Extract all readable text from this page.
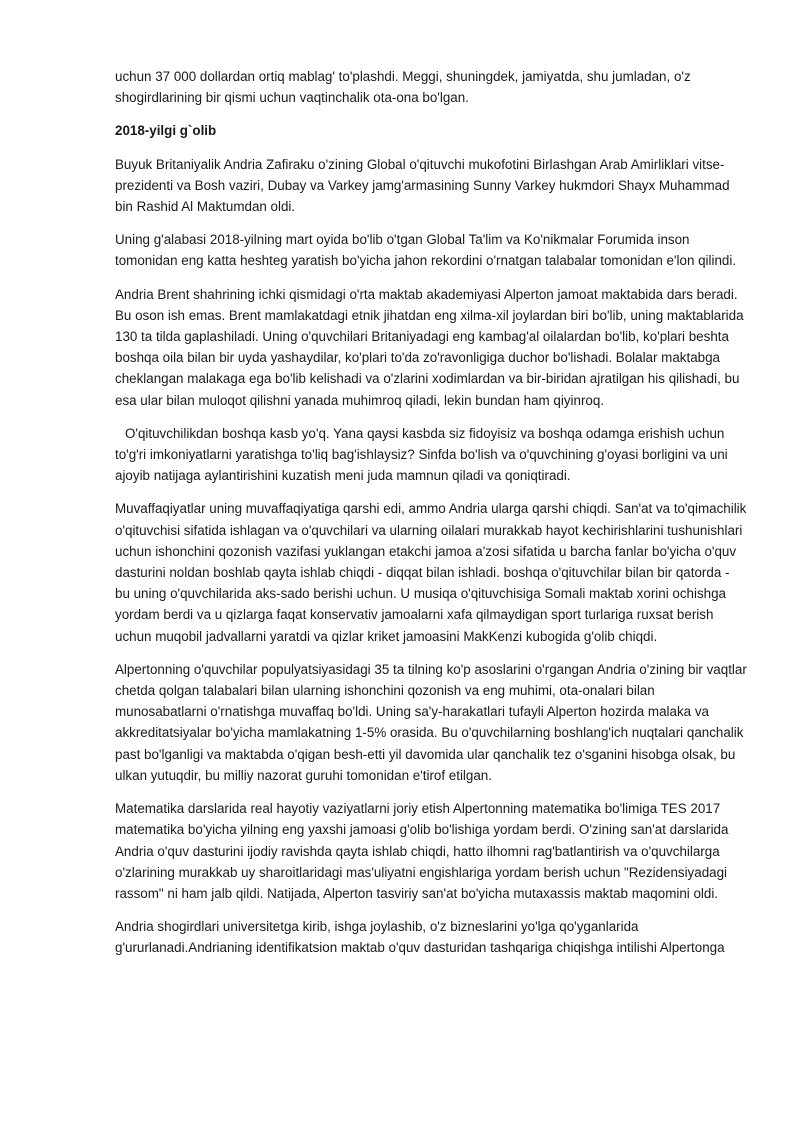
uchun 37 000 dollardan ortiq mablag' to'plashdi. Meggi, shuningdek, jamiyatda, shu jumladan, o'z shogirdlarining bir qismi uchun vaqtinchalik ota-ona bo'lgan.

2018-yilgi g`olib

Buyuk Britaniyalik Andria Zafiraku o'zining Global o'qituvchi mukofotini Birlashgan Arab Amirliklari vitse-prezidenti va Bosh vaziri, Dubay va Varkey jamg'armasining Sunny Varkey hukmdori Shayx Muhammad bin Rashid Al Maktumdan oldi.

Uning g'alabasi 2018-yilning mart oyida bo'lib o'tgan Global Ta'lim va Ko'nikmalar Forumida inson tomonidan eng katta heshteg yaratish bo'yicha jahon rekordini o'rnatgan talabalar tomonidan e'lon qilindi.

Andria Brent shahrining ichki qismidagi o'rta maktab akademiyasi Alperton jamoat maktabida dars beradi. Bu oson ish emas. Brent mamlakatdagi etnik jihatdan eng xilma-xil joylardan biri bo'lib, uning maktablarida 130 ta tilda gaplashiladi. Uning o'quvchilari Britaniyadagi eng kambag'al oilalardan bo'lib, ko'plari beshta boshqa oila bilan bir uyda yashaydilar, ko'plari to'da zo'ravonligiga duchor bo'lishadi. Bolalar maktabga cheklangan malakaga ega bo'lib kelishadi va o'zlarini xodimlardan va bir-biridan ajratilgan his qilishadi, bu esa ular bilan muloqot qilishni yanada muhimroq qiladi, lekin bundan ham qiyinroq.

O'qituvchilikdan boshqa kasb yo'q. Yana qaysi kasbda siz fidoyisiz va boshqa odamga erishish uchun to'g'ri imkoniyatlarni yaratishga to'liq bag'ishlaysiz? Sinfda bo'lish va o'quvchining g'oyasi borligini va uni ajoyib natijaga aylantirishini kuzatish meni juda mamnun qiladi va qoniqtiradi.

Muvaffaqiyatlar uning muvaffaqiyatiga qarshi edi, ammo Andria ularga qarshi chiqdi. San'at va to'qimachilik o'qituvchisi sifatida ishlagan va o'quvchilari va ularning oilalari murakkab hayot kechirishlarini tushunishlari uchun ishonchini qozonish vazifasi yuklangan etakchi jamoa a'zosi sifatida u barcha fanlar bo'yicha o'quv dasturini noldan boshlab qayta ishlab chiqdi - diqqat bilan ishladi. boshqa o'qituvchilar bilan bir qatorda - bu uning o'quvchilarida aks-sado berishi uchun. U musiqa o'qituvchisiga Somali maktab xorini ochishga yordam berdi va u qizlarga faqat konservativ jamoalarni xafa qilmaydigan sport turlariga ruxsat berish uchun muqobil jadvallarni yaratdi va qizlar kriket jamoasini MakKenzi kubogida g'olib chiqdi.

Alpertonning o'quvchilar populyatsiyasidagi 35 ta tilning ko'p asoslarini o'rgangan Andria o'zining bir vaqtlar chetda qolgan talabalari bilan ularning ishonchini qozonish va eng muhimi, ota-onalari bilan munosabatlarni o'rnatishga muvaffaq bo'ldi. Uning sa'y-harakatlari tufayli Alperton hozirda malaka va akkreditatsiyalar bo'yicha mamlakatning 1-5% orasida. Bu o'quvchilarning boshlang'ich nuqtalari qanchalik past bo'lganligi va maktabda o'qigan besh-etti yil davomida ular qanchalik tez o'sganini hisobga olsak, bu ulkan yutuqdir, bu milliy nazorat guruhi tomonidan e'tirof etilgan.

Matematika darslarida real hayotiy vaziyatlarni joriy etish Alpertonning matematika bo'limiga TES 2017 matematika bo'yicha yilning eng yaxshi jamoasi g'olib bo'lishiga yordam berdi. O'zining san'at darslarida Andria o'quv dasturini ijodiy ravishda qayta ishlab chiqdi, hatto ilhomni rag'batlantirish va o'quvchilarga o'zlarining murakkab uy sharoitlaridagi mas'uliyatni engishlariga yordam berish uchun "Rezidensiyadagi rassom" ni ham jalb qildi. Natijada, Alperton tasviriy san'at bo'yicha mutaxassis maktab maqomini oldi.

Andria shogirdlari universitetga kirib, ishga joylashib, o'z bizneslarini yo'lga qo'yganlarida g'ururlanadi.Andrianing identifikatsion maktab o'quv dasturidan tashqariga chiqishga intilishi Alpertonga
